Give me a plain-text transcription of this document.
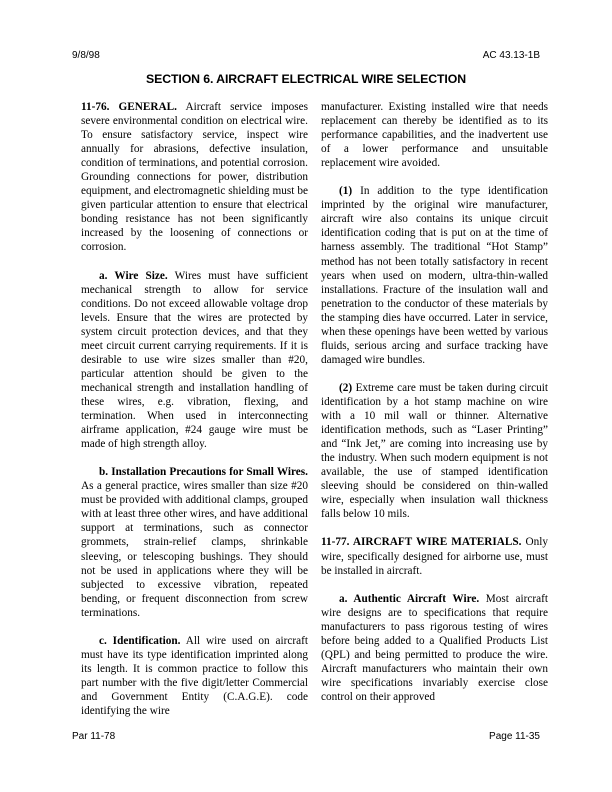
9/8/98	AC 43.13-1B
SECTION 6. AIRCRAFT ELECTRICAL WIRE SELECTION

11-76. GENERAL. Aircraft service imposes severe environmental condition on electrical wire. To ensure satisfactory service, inspect wire annually for abrasions, defective insulation, condition of terminations, and potential corrosion. Grounding connections for power, distribution equipment, and electromagnetic shielding must be given particular attention to ensure that electrical bonding resistance has not been significantly increased by the loosening of connections or corrosion.

a. Wire Size. Wires must have sufficient mechanical strength to allow for service conditions. Do not exceed allowable voltage drop levels. Ensure that the wires are protected by system circuit protection devices, and that they meet circuit current carrying requirements. If it is desirable to use wire sizes smaller than #20, particular attention should be given to the mechanical strength and installation handling of these wires, e.g. vibration, flexing, and termination. When used in interconnecting airframe application, #24 gauge wire must be made of high strength alloy.

b. Installation Precautions for Small Wires. As a general practice, wires smaller than size #20 must be provided with additional clamps, grouped with at least three other wires, and have additional support at terminations, such as connector grommets, strain-relief clamps, shrinkable sleeving, or telescoping bushings. They should not be used in applications where they will be subjected to excessive vibration, repeated bending, or frequent disconnection from screw terminations.

c. Identification. All wire used on aircraft must have its type identification imprinted along its length. It is common practice to follow this part number with the five digit/letter Commercial and Government Entity (C.A.G.E). code identifying the wire

manufacturer. Existing installed wire that needs replacement can thereby be identified as to its performance capabilities, and the inadvertent use of a lower performance and unsuitable replacement wire avoided.

(1) In addition to the type identification imprinted by the original wire manufacturer, aircraft wire also contains its unique circuit identification coding that is put on at the time of harness assembly. The traditional “Hot Stamp” method has not been totally satisfactory in recent years when used on modern, ultra-thin-walled installations. Fracture of the insulation wall and penetration to the conductor of these materials by the stamping dies have occurred. Later in service, when these openings have been wetted by various fluids, serious arcing and surface tracking have damaged wire bundles.

(2) Extreme care must be taken during circuit identification by a hot stamp machine on wire with a 10 mil wall or thinner. Alternative identification methods, such as “Laser Printing” and “Ink Jet,” are coming into increasing use by the industry. When such modern equipment is not available, the use of stamped identification sleeving should be considered on thin-walled wire, especially when insulation wall thickness falls below 10 mils.

11-77. AIRCRAFT WIRE MATERIALS. Only wire, specifically designed for airborne use, must be installed in aircraft.

a. Authentic Aircraft Wire. Most aircraft wire designs are to specifications that require manufacturers to pass rigorous testing of wires before being added to a Qualified Products List (QPL) and being permitted to produce the wire. Aircraft manufacturers who maintain their own wire specifications invariably exercise close control on their approved

Par 11-78	Page 11-35
